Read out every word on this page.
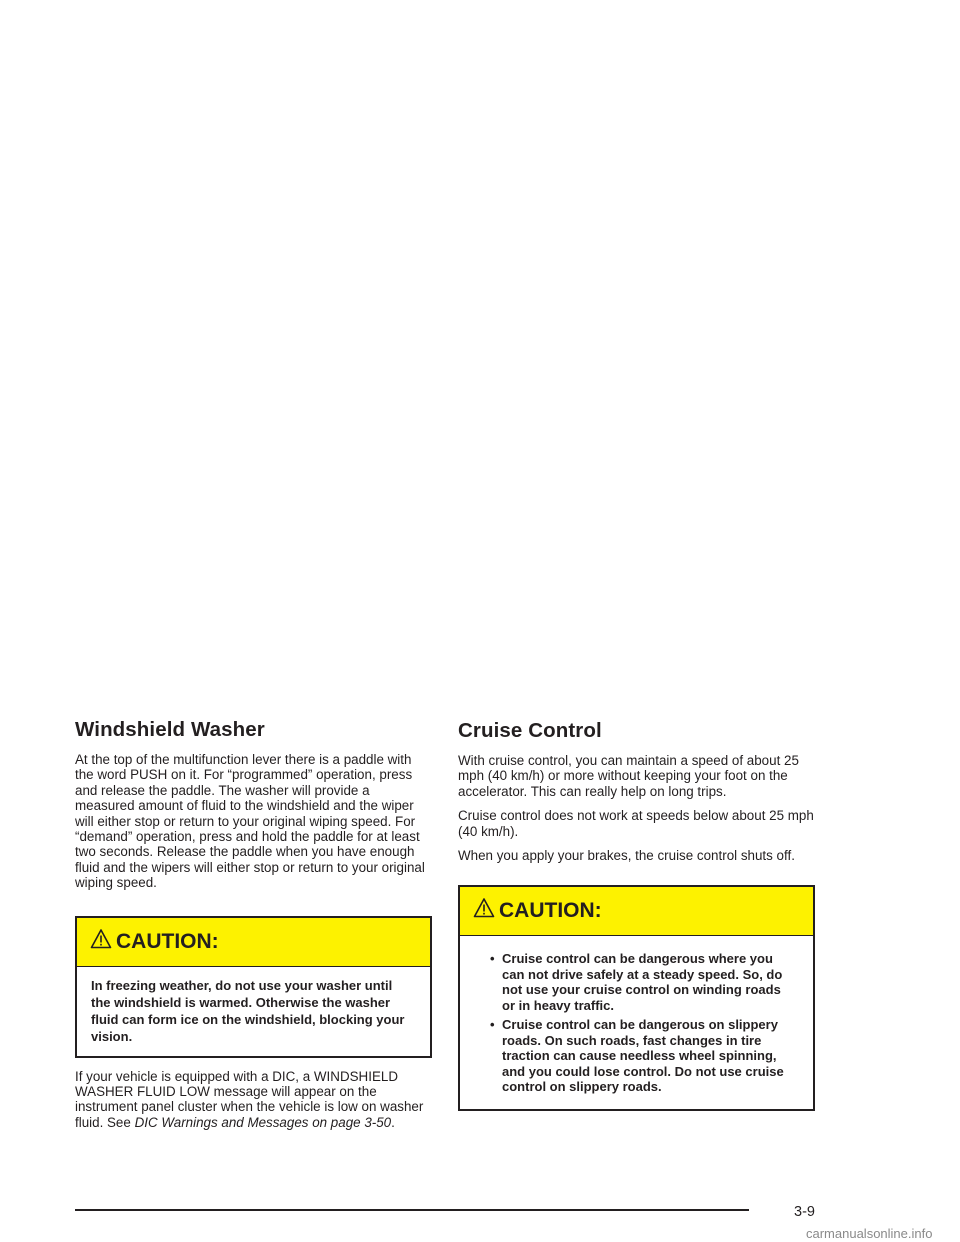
Windshield Washer

At the top of the multifunction lever there is a paddle with the word PUSH on it. For “programmed” operation, press and release the paddle. The washer will provide a measured amount of fluid to the windshield and the wiper will either stop or return to your original wiping speed. For “demand” operation, press and hold the paddle for at least two seconds. Release the paddle when you have enough fluid and the wipers will either stop or return to your original wiping speed.

CAUTION:
In freezing weather, do not use your washer until the windshield is warmed. Otherwise the washer fluid can form ice on the windshield, blocking your vision.

If your vehicle is equipped with a DIC, a WINDSHIELD WASHER FLUID LOW message will appear on the instrument panel cluster when the vehicle is low on washer fluid. See DIC Warnings and Messages on page 3-50.

Cruise Control

With cruise control, you can maintain a speed of about 25 mph (40 km/h) or more without keeping your foot on the accelerator. This can really help on long trips.

Cruise control does not work at speeds below about 25 mph (40 km/h).

When you apply your brakes, the cruise control shuts off.

CAUTION:
• Cruise control can be dangerous where you can not drive safely at a steady speed. So, do not use your cruise control on winding roads or in heavy traffic.
• Cruise control can be dangerous on slippery roads. On such roads, fast changes in tire traction can cause needless wheel spinning, and you could lose control. Do not use cruise control on slippery roads.
3-9
carmanualsonline.info
